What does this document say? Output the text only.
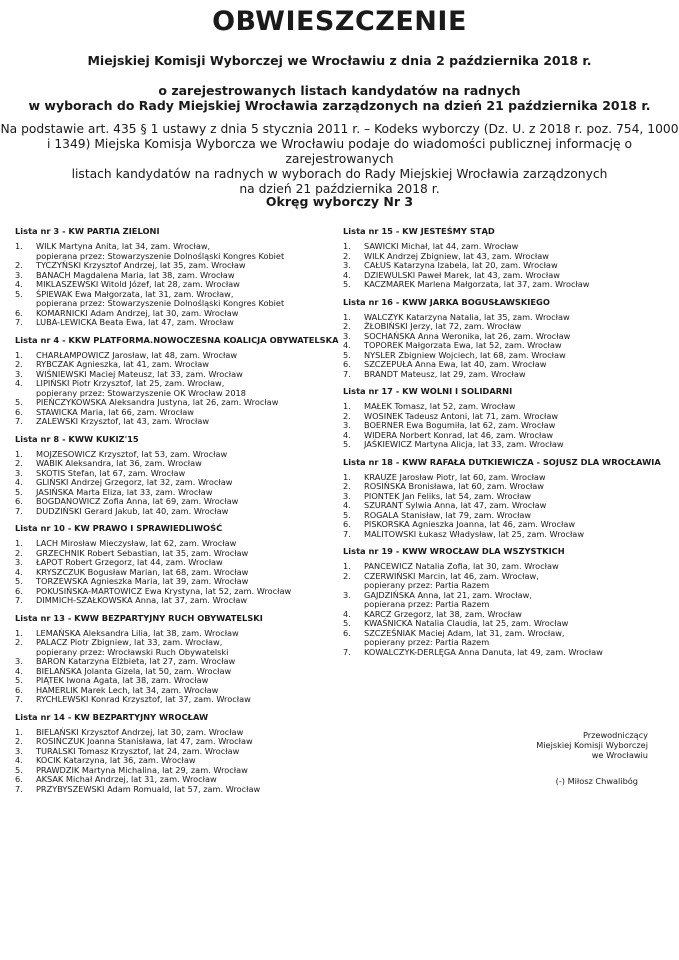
OBWIESZCZENIE
Miejskiej Komisji Wyborczej we Wrocławiu z dnia 2 października 2018 r.
o zarejestrowanych listach kandydatów na radnych
w wyborach do Rady Miejskiej Wrocławia zarządzonych na dzień 21 października 2018 r.
Na podstawie art. 435 § 1 ustawy z dnia 5 stycznia 2011 r. – Kodeks wyborczy (Dz. U. z 2018 r. poz. 754, 1000
i 1349) Miejska Komisja Wyborcza we Wrocławiu podaje do wiadomości publicznej informację o zarejestrowanych
listach kandydatów na radnych w wyborach do Rady Miejskiej Wrocławia zarządzonych
na dzień 21 października 2018 r.
Okręg wyborczy Nr 3
Lista nr 3 - KW PARTIA ZIELONI
1.	WILK Martyna Anita, lat 34, zam. Wrocław,
popierana przez: Stowarzyszenie Dolnośląski Kongres Kobiet
2.	TYCZYŃSKI Krzysztof Andrzej, lat 35, zam. Wrocław
3.	BANACH Magdalena Maria, lat 38, zam. Wrocław
4.	MIKLASZEWSKI Witold Józef, lat 28, zam. Wrocław
5.	ŚPIEWAK Ewa Małgorzata, lat 31, zam. Wrocław,
popierana przez: Stowarzyszenie Dolnośląski Kongres Kobiet
6.	KOMARNICKI Adam Andrzej, lat 30, zam. Wrocław
7.	LUBA-LEWICKA Beata Ewa, lat 47, zam. Wrocław
Lista nr 4 - KKW PLATFORMA.NOWOCZESNA KOALICJA OBYWATELSKA
1.	CHARŁAMPOWICZ Jarosław, lat 48, zam. Wrocław
2.	RYBCZAK Agnieszka, lat 41, zam. Wrocław
3.	WIŚNIEWSKI Maciej Mateusz, lat 33, zam. Wrocław
4.	LIPIŃSKI Piotr Krzysztof, lat 25, zam. Wrocław,
popierany przez: Stowarzyszenie OK Wrocław 2018
5.	PIEŃCZYKOWSKA Aleksandra Justyna, lat 26, zam. Wrocław
6.	STAWICKA Maria, lat 66, zam. Wrocław
7.	ZALEWSKI Krzysztof, lat 43, zam. Wrocław
Lista nr 8 - KWW KUKIZ'15
1.	MOJZESOWICZ Krzysztof, lat 53, zam. Wrocław
2.	WABIK Aleksandra, lat 36, zam. Wrocław
3.	SKOTIS Stefan, lat 67, zam. Wrocław
4.	GLIŃSKI Andrzej Grzegorz, lat 32, zam. Wrocław
5.	JASIŃSKA Marta Eliza, lat 33, zam. Wrocław
6.	BOGDANOWICZ Zofia Anna, lat 69, zam. Wrocław
7.	DUDZIŃSKI Gerard Jakub, lat 40, zam. Wrocław
Lista nr 10 - KW PRAWO I SPRAWIEDLIWOŚĆ
1.	LACH Mirosław Mieczysław, lat 62, zam. Wrocław
2.	GRZECHNIK Robert Sebastian, lat 35, zam. Wrocław
3.	ŁAPOT Robert Grzegorz, lat 44, zam. Wrocław
4.	KRYSZCZUK Bogusław Marian, lat 68, zam. Wrocław
5.	TORZEWSKA Agnieszka Maria, lat 39, zam. Wrocław
6.	POKUSIŃSKA-MARTOWICZ Ewa Krystyna, lat 52, zam. Wrocław
7.	DIMMICH-SZAŁKOWSKA Anna, lat 37, zam. Wrocław
Lista nr 13 - KWW BEZPARTYJNY RUCH OBYWATELSKI
1.	LEMAŃSKA Aleksandra Lilia, lat 38, zam. Wrocław
2.	PALACZ Piotr Zbigniew, lat 33, zam. Wrocław,
popierany przez: Wrocławski Ruch Obywatelski
3.	BARON Katarzyna Elżbieta, lat 27, zam. Wrocław
4.	BIELAŃSKA Jolanta Gizela, lat 50, zam. Wrocław
5.	PIĄTEK Iwona Agata, lat 38, zam. Wrocław
6.	HAMERLIK Marek Lech, lat 34, zam. Wrocław
7.	RYCHLEWSKI Konrad Krzysztof, lat 37, zam. Wrocław
Lista nr 14 - KW BEZPARTYJNY WROCŁAW
1.	BIELAŃSKI Krzysztof Andrzej, lat 30, zam. Wrocław
2.	ROSIŃCZUK Joanna Stanisława, lat 47, zam. Wrocław
3.	TURALSKI Tomasz Krzysztof, lat 24, zam. Wrocław
4.	KOCIK Katarzyna, lat 36, zam. Wrocław
5.	PRAWDZIK Martyna Michalina, lat 29, zam. Wrocław
6.	AKSAK Michał Andrzej, lat 31, zam. Wrocław
7.	PRZYBYSZEWSKI Adam Romuald, lat 57, zam. Wrocław
Lista nr 15 - KW JESTEŚMY STĄD
1.	SAWICKI Michał, lat 44, zam. Wrocław
2.	WILK Andrzej Zbigniew, lat 43, zam. Wrocław
3.	CAŁUS Katarzyna Izabela, lat 20, zam. Wrocław
4.	DZIEWULSKI Paweł Marek, lat 43, zam. Wrocław
5.	KACZMAREK Marlena Małgorzata, lat 37, zam. Wrocław
Lista nr 16 - KWW JARKA BOGUSŁAWSKIEGO
1.	WALCZYK Katarzyna Natalia, lat 35, zam. Wrocław
2.	ŻŁOBIŃSKI Jerzy, lat 72, zam. Wrocław
3.	SOCHAŃSKA Anna Weronika, lat 26, zam. Wrocław
4.	TOPOREK Małgorzata Ewa, lat 52, zam. Wrocław
5.	NYSLER Zbigniew Wojciech, lat 68, zam. Wrocław
6.	SZCZEPUŁA Anna Ewa, lat 40, zam. Wrocław
7.	BRANDT Mateusz, lat 29, zam. Wrocław
Lista nr 17 - KW WOLNI I SOLIDARNI
1.	MAŁEK Tomasz, lat 52, zam. Wrocław
2.	WOSINEK Tadeusz Antoni, lat 71, zam. Wrocław
3.	BOERNER Ewa Bogumiła, lat 62, zam. Wrocław
4.	WIDERA Norbert Konrad, lat 46, zam. Wrocław
5.	JAŚKIEWICZ Martyna Alicja, lat 33, zam. Wrocław
Lista nr 18 - KWW RAFAŁA DUTKIEWICZA - SOJUSZ DLA WROCŁAWIA
1.	KRAUZE Jarosław Piotr, lat 60, zam. Wrocław
2.	ROSIŃSKA Bronisława, lat 60, zam. Wrocław
3.	PIONTEK Jan Feliks, lat 54, zam. Wrocław
4.	SZURANT Sylwia Anna, lat 47, zam. Wrocław
5.	ROGALA Stanisław, lat 79, zam. Wrocław
6.	PISKORSKA Agnieszka Joanna, lat 46, zam. Wrocław
7.	MALITOWSKI Łukasz Władysław, lat 25, zam. Wrocław
Lista nr 19 - KWW WROCŁAW DLA WSZYSTKICH
1.	PANCEWICZ Natalia Zofia, lat 30, zam. Wrocław
2.	CZERWIŃSKI Marcin, lat 46, zam. Wrocław,
popierany przez: Partia Razem
3.	GAJDZIŃSKA Anna, lat 21, zam. Wrocław,
popierana przez: Partia Razem
4.	KARCZ Grzegorz, lat 38, zam. Wrocław
5.	KWAŚNICKA Natalia Claudia, lat 25, zam. Wrocław
6.	SZCZEŚNIAK Maciej Adam, lat 31, zam. Wrocław,
popierany przez: Partia Razem
7.	KOWALCZYK-DERLĘGA Anna Danuta, lat 49, zam. Wrocław
Przewodniczący
Miejskiej Komisji Wyborczej
we Wrocławiu
(-) Miłosz Chwalibóg
